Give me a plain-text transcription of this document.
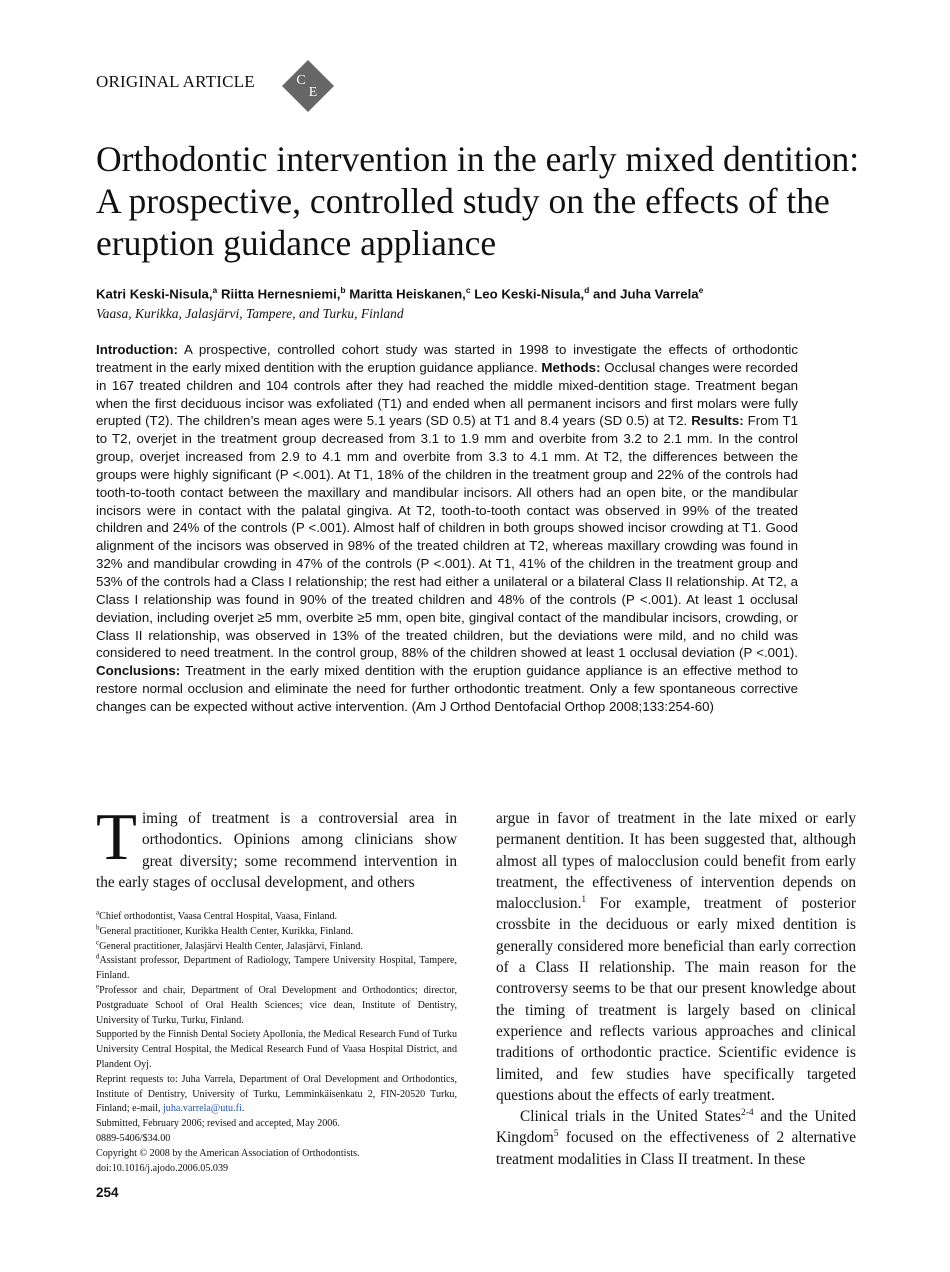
ORIGINAL ARTICLE	C
E
Orthodontic intervention in the early mixed dentition: A prospective, controlled study on the effects of the eruption guidance appliance
Katri Keski-Nisula,$^a$ Riitta Hernesniemi,$^b$ Maritta Heiskanen,$^c$ Leo Keski-Nisula,$^d$ and Juha Varrela$^e$
Vaasa, Kurikka, Jalasjärvi, Tampere, and Turku, Finland

Introduction: A prospective, controlled cohort study was started in 1998 to investigate the effects of orthodontic treatment in the early mixed dentition with the eruption guidance appliance. Methods: Occlusal changes were recorded in 167 treated children and 104 controls after they had reached the middle mixed-dentition stage. Treatment began when the first deciduous incisor was exfoliated (T1) and ended when all permanent incisors and first molars were fully erupted (T2). The children’s mean ages were 5.1 years (SD 0.5) at T1 and 8.4 years (SD 0.5) at T2. Results: From T1 to T2, overjet in the treatment group decreased from 3.1 to 1.9 mm and overbite from 3.2 to 2.1 mm. In the control group, overjet increased from 2.9 to 4.1 mm and overbite from 3.3 to 4.1 mm. At T2, the differences between the groups were highly significant (P <.001). At T1, 18% of the children in the treatment group and 22% of the controls had tooth-to-tooth contact between the maxillary and mandibular incisors. All others had an open bite, or the mandibular incisors were in contact with the palatal gingiva. At T2, tooth-to-tooth contact was observed in 99% of the treated children and 24% of the controls (P <.001). Almost half of children in both groups showed incisor crowding at T1. Good alignment of the incisors was observed in 98% of the treated children at T2, whereas maxillary crowding was found in 32% and mandibular crowding in 47% of the controls (P <.001). At T1, 41% of the children in the treatment group and 53% of the controls had a Class I relationship; the rest had either a unilateral or a bilateral Class II relationship. At T2, a Class I relationship was found in 90% of the treated children and 48% of the controls (P <.001). At least 1 occlusal deviation, including overjet ≥5 mm, overbite ≥5 mm, open bite, gingival contact of the mandibular incisors, crowding, or Class II relationship, was observed in 13% of the treated children, but the deviations were mild, and no child was considered to need treatment. In the control group, 88% of the children showed at least 1 occlusal deviation (P <.001). Conclusions: Treatment in the early mixed dentition with the eruption guidance appliance is an effective method to restore normal occlusion and eliminate the need for further orthodontic treatment. Only a few spontaneous corrective changes can be expected without active intervention. (Am J Orthod Dentofacial Orthop 2008;133:254-60)

Timing of treatment is a controversial area in orthodontics. Opinions among clinicians show great diversity; some recommend intervention in the early stages of occlusal development, and others

$^a$Chief orthodontist, Vaasa Central Hospital, Vaasa, Finland.

$^b$General practitioner, Kurikka Health Center, Kurikka, Finland.

$^c$General practitioner, Jalasjärvi Health Center, Jalasjärvi, Finland.

$^d$Assistant professor, Department of Radiology, Tampere University Hospital, Tampere, Finland.

$^e$Professor and chair, Department of Oral Development and Orthodontics; director, Postgraduate School of Oral Health Sciences; vice dean, Institute of Dentistry, University of Turku, Turku, Finland.

Supported by the Finnish Dental Society Apollonia, the Medical Research Fund of Turku University Central Hospital, the Medical Research Fund of Vaasa Hospital District, and Plandent Oyj.

Reprint requests to: Juha Varrela, Department of Oral Development and Orthodontics, Institute of Dentistry, University of Turku, Lemminkäisenkatu 2, FIN-20520 Turku, Finland; e-mail, juha.varrela@utu.fi.

Submitted, February 2006; revised and accepted, May 2006.

0889-5406/$34.00

Copyright © 2008 by the American Association of Orthodontists.

doi:10.1016/j.ajodo.2006.05.039

argue in favor of treatment in the late mixed or early permanent dentition. It has been suggested that, although almost all types of malocclusion could benefit from early treatment, the effectiveness of intervention depends on malocclusion.$^1$ For example, treatment of posterior crossbite in the deciduous or early mixed dentition is generally considered more beneficial than early correction of a Class II relationship. The main reason for the controversy seems to be that our present knowledge about the timing of treatment is largely based on clinical experience and reflects various approaches and clinical traditions of orthodontic practice. Scientific evidence is limited, and few studies have specifically targeted questions about the effects of early treatment.

Clinical trials in the United States$^{2-4}$ and the United Kingdom$^5$ focused on the effectiveness of 2 alternative treatment modalities in Class II treatment. In these

254
